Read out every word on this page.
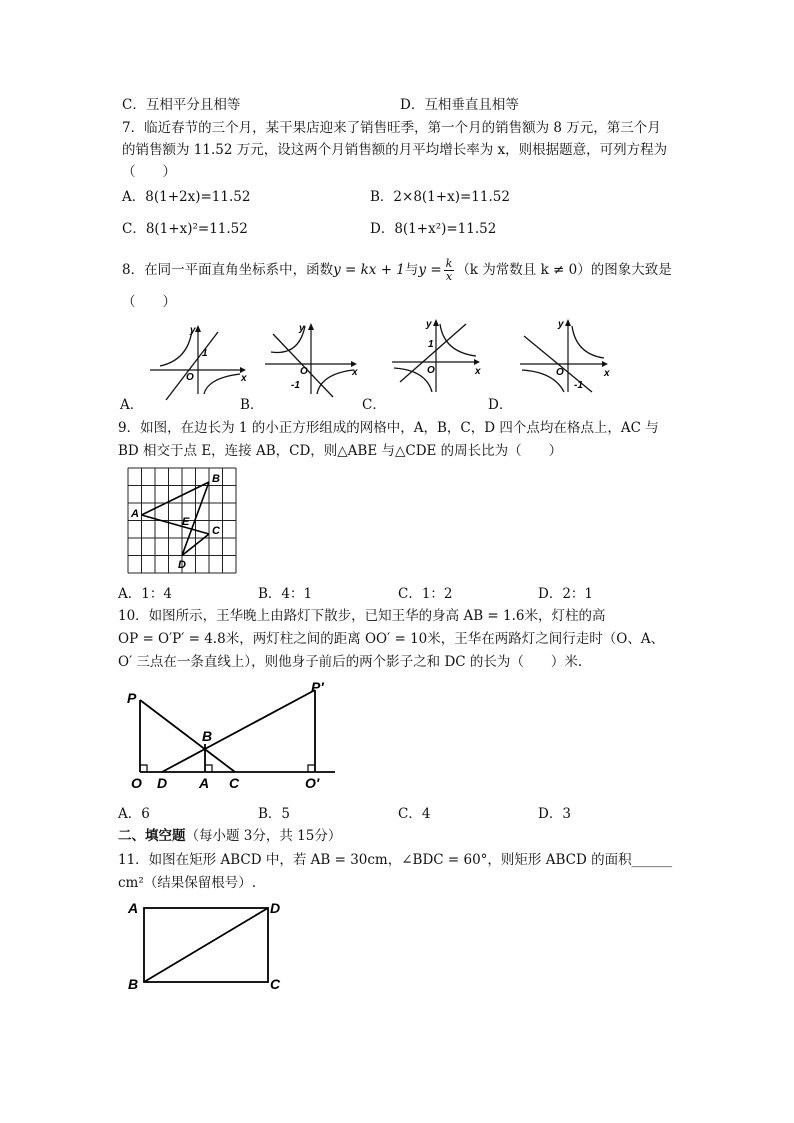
C．互相平分且相等	D．互相垂直且相等
7．临近春节的三个月，某干果店迎来了销售旺季，第一个月的销售额为 8 万元，第三个月
的销售额为 11.52 万元，设这两个月销售额的月平均增长率为 x，则根据题意，可列方程为
（　　）
A．8(1+2x)=11.52	B．2×8(1+x)=11.52
C．8(1+x)²=11.52	D．8(1+x²)=11.52
8．在同一平面直角坐标系中，函数y = kx + 1与$y = \frac{k}{x} (k$ 为常数且 k ≠ 0）的图象大致是
（　　）
y
x
O
1
y
x
O
-1
y
x
O
1
y
x
O
-1
A．	B．	C．	D．
9．如图，在边长为 1 的小正方形组成的网格中，A，B，C，D 四个点均在格点上，AC 与
BD 相交于点 E，连接 AB，CD，则△ABE 与△CDE 的周长比为（　　）
A
B
C
D
E
A．1：4	B．4：1	C．1：2	D．2：1
10．如图所示，王华晚上由路灯下散步，已知王华的身高 AB = 1.6米，灯柱的高
OP = O′P′ = 4.8米，两灯柱之间的距离 OO′ = 10米，王华在两路灯之间行走时（O、A、
O′ 三点在一条直线上），则他身子前后的两个影子之和 DC 的长为（　　）米.
P
P′
B
O D A C	O′
A．6	B．5	C．4	D．3
二、填空题（每小题 3分，共 15分）
11．如图在矩形 ABCD 中，若 AB = 30cm，∠BDC = 60°，则矩形 ABCD 的面积______
cm²（结果保留根号）.
A	D
B	C
